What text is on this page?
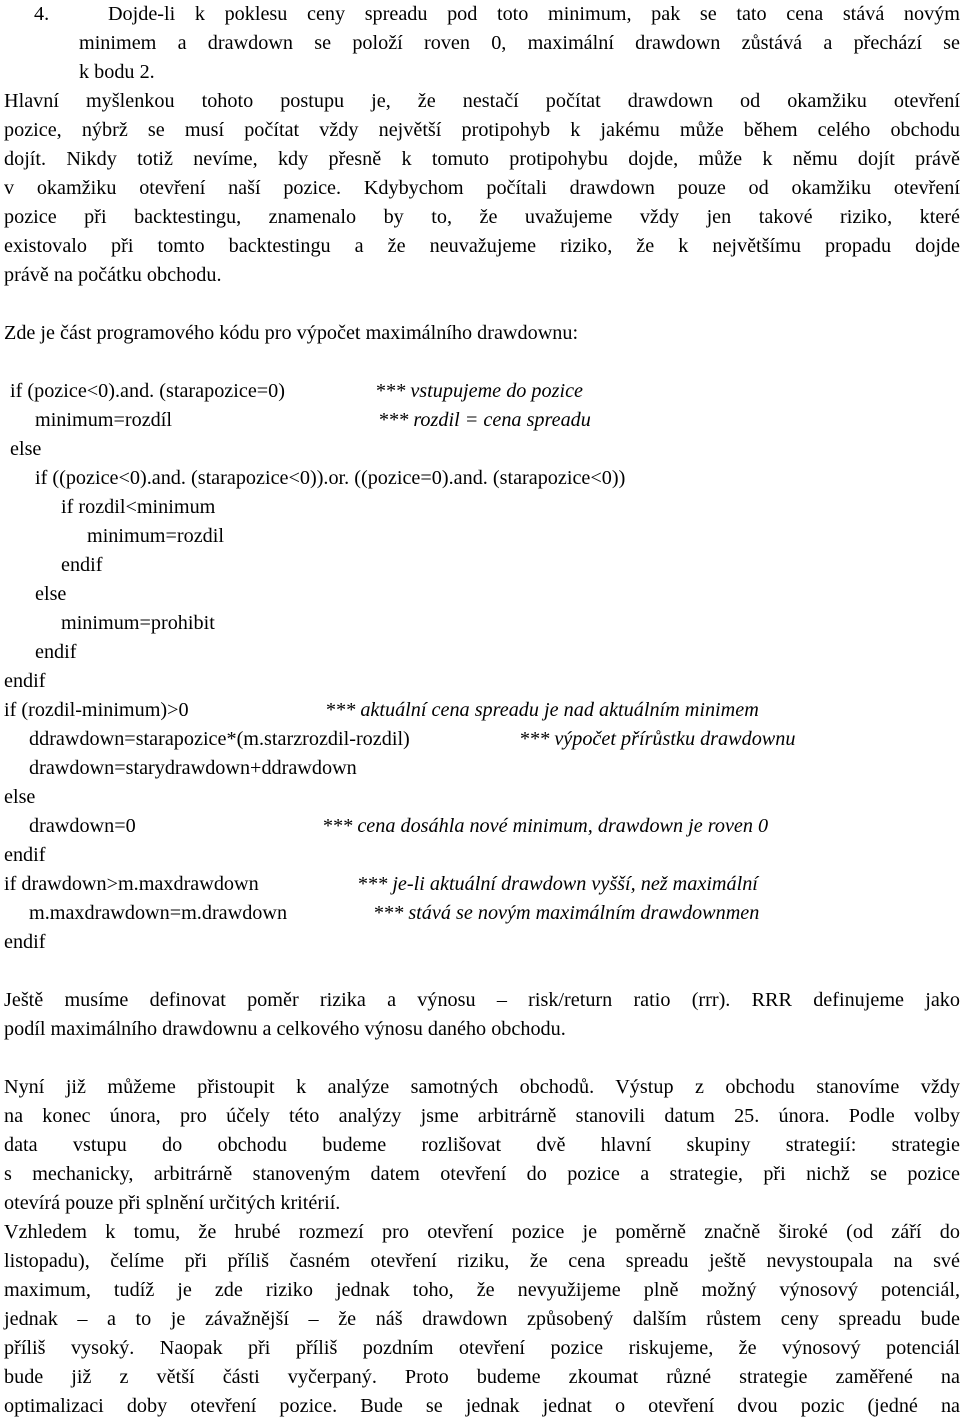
4.   Dojde-li k poklesu ceny spreadu pod toto minimum, pak se tato cena stává novým
minimem a drawdown se položí roven 0, maximální drawdown zůstává a přechází se
k bodu 2.
Hlavní myšlenkou tohoto postupu je, že nestačí počítat drawdown od okamžiku otevření
pozice, nýbrž se musí počítat vždy největší protipohyb k jakému může během celého obchodu
dojít. Nikdy totiž nevíme, kdy přesně k tomuto protipohybu dojde, může k němu dojít právě
v okamžiku otevření naší pozice. Kdybychom počítali drawdown pouze od okamžiku otevření
pozice při backtestingu, znamenalo by to, že uvažujeme vždy jen takové riziko, které
existovalo při tomto backtestingu a že neuvažujeme riziko, že k největšímu propadu dojde
právě na počátku obchodu.
Zde je část programového kódu pro výpočet maximálního drawdownu:
if (pozice<0).and. (starapozice=0)	*** vstupujeme do pozice
minimum=rozdíl	*** rozdil = cena spreadu
else
if ((pozice<0).and. (starapozice<0)).or. ((pozice=0).and. (starapozice<0))
if rozdil<minimum
minimum=rozdil
endif
else
minimum=prohibit
endif
endif
if (rozdil-minimum)>0	*** aktuální cena spreadu je nad aktuálním minimem
ddrawdown=starapozice*(m.starzrozdil-rozdil)	*** výpočet přírůstku drawdownu
drawdown=starydrawdown+ddrawdown
else
drawdown=0	*** cena dosáhla nové minimum, drawdown je roven 0
endif
if drawdown>m.maxdrawdown	*** je-li aktuální drawdown vyšší, než maximální
m.maxdrawdown=m.drawdown	*** stává se novým maximálním drawdownmen
endif
Ještě musíme definovat poměr rizika a výnosu – risk/return ratio (rrr). RRR definujeme jako
podíl maximálního drawdownu a celkového výnosu daného obchodu.
Nyní již můžeme přistoupit k analýze samotných obchodů. Výstup z obchodu stanovíme vždy
na konec února, pro účely této analýzy jsme arbitrárně stanovili datum 25. února. Podle volby
data vstupu do obchodu budeme rozlišovat dvě hlavní skupiny strategií: strategie
s mechanicky, arbitrárně stanoveným datem otevření do pozice a strategie, při nichž se pozice
otevírá pouze při splnění určitých kritérií.
Vzhledem k tomu, že hrubé rozmezí pro otevření pozice je poměrně značně široké (od září do
listopadu), čelíme při příliš časném otevření riziku, že cena spreadu ještě nevystoupala na své
maximum, tudíž je zde riziko jednak toho, že nevyužijeme plně možný výnosový potenciál,
jednak – a to je závažnější – že náš drawdown způsobený dalším růstem ceny spreadu bude
příliš vysoký. Naopak při příliš pozdním otevření pozice riskujeme, že výnosový potenciál
bude již z větší části vyčerpaný. Proto budeme zkoumat různé strategie zaměřené na
optimalizaci doby otevření pozice. Bude se jednak jednat o otevření dvou pozic (jedné na
